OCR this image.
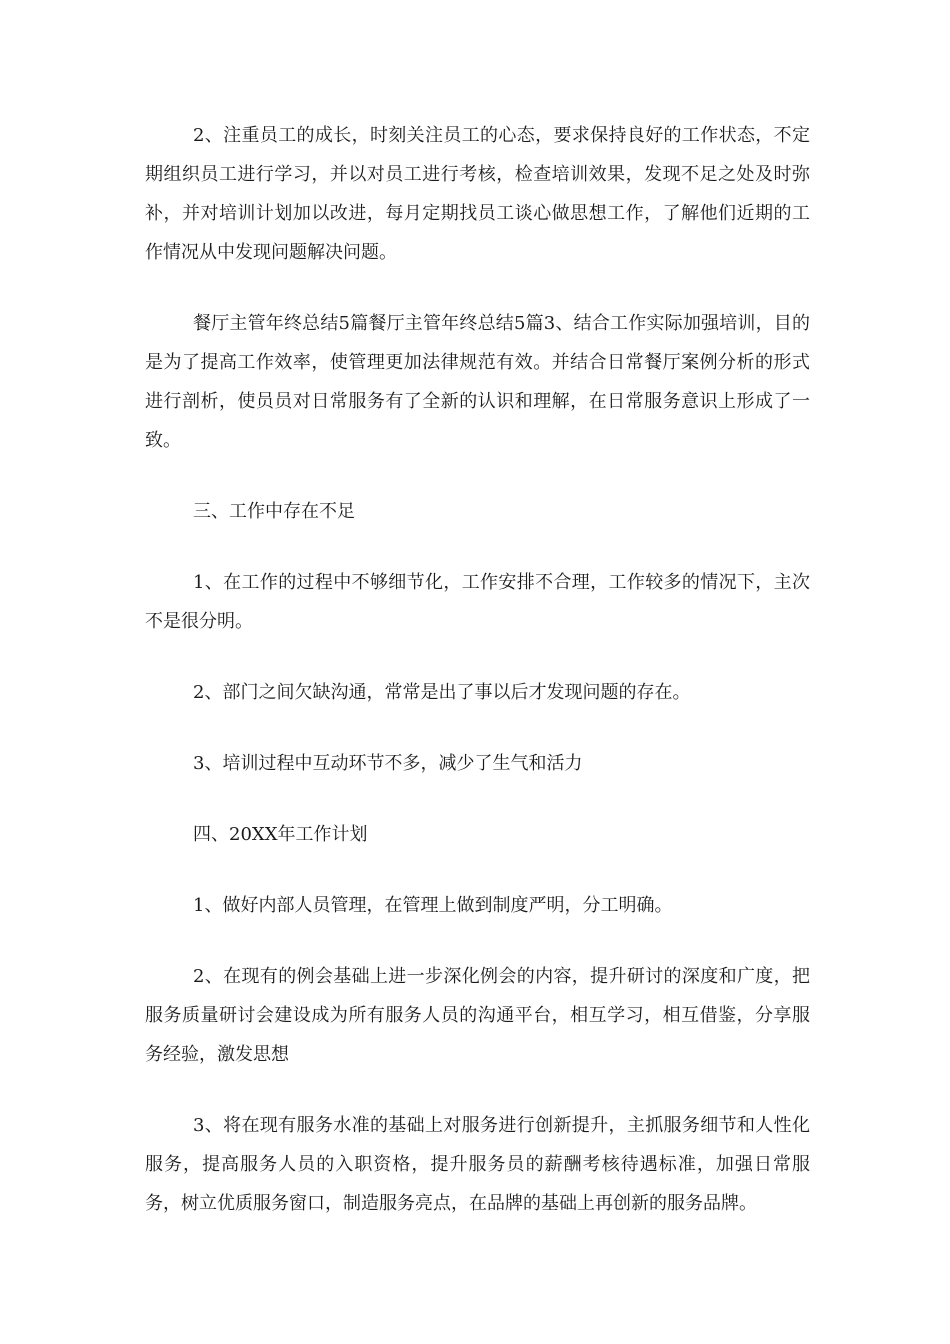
2、注重员工的成长，时刻关注员工的心态，要求保持良好的工作状态，不定期组织员工进行学习，并以对员工进行考核，检查培训效果，发现不足之处及时弥补，并对培训计划加以改进，每月定期找员工谈心做思想工作，了解他们近期的工作情况从中发现问题解决问题。

餐厅主管年终总结5篇餐厅主管年终总结5篇3、结合工作实际加强培训，目的是为了提高工作效率，使管理更加法律规范有效。并结合日常餐厅案例分析的形式进行剖析，使员员对日常服务有了全新的认识和理解，在日常服务意识上形成了一致。

三、工作中存在不足

1、在工作的过程中不够细节化，工作安排不合理，工作较多的情况下，主次不是很分明。

2、部门之间欠缺沟通，常常是出了事以后才发现问题的存在。

3、培训过程中互动环节不多，减少了生气和活力

四、20XX年工作计划

1、做好内部人员管理，在管理上做到制度严明，分工明确。

2、在现有的例会基础上进一步深化例会的内容，提升研讨的深度和广度，把服务质量研讨会建设成为所有服务人员的沟通平台，相互学习，相互借鉴，分享服务经验，激发思想

3、将在现有服务水准的基础上对服务进行创新提升，主抓服务细节和人性化服务，提高服务人员的入职资格，提升服务员的薪酬考核待遇标准，加强日常服务，树立优质服务窗口，制造服务亮点，在品牌的基础上再创新的服务品牌。
